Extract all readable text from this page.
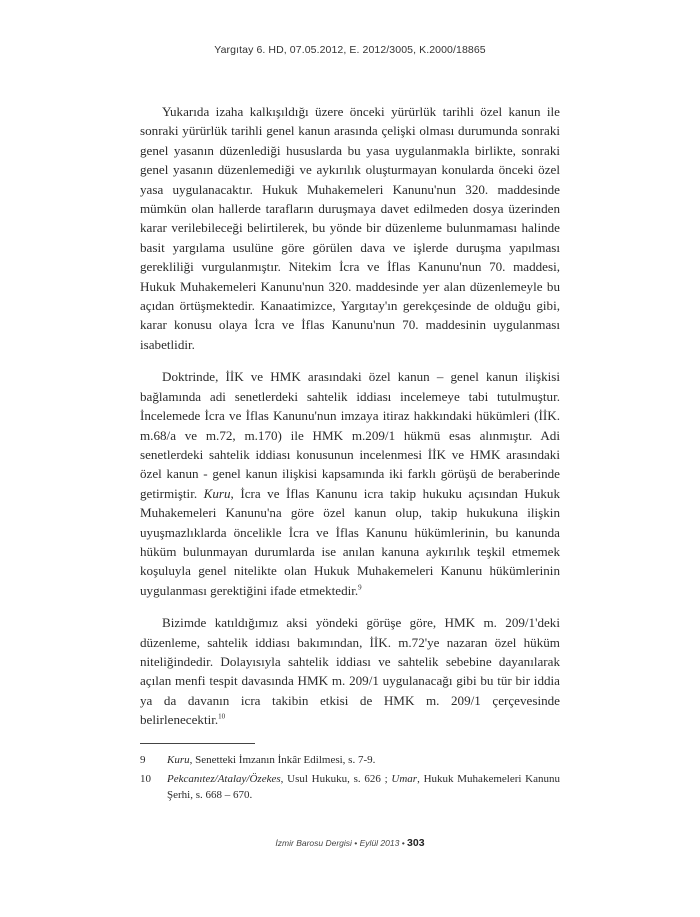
Yargıtay 6. HD, 07.05.2012, E. 2012/3005, K.2000/18865

Yukarıda izaha kalkışıldığı üzere önceki yürürlük tarihli özel kanun ile sonraki yürürlük tarihli genel kanun arasında çelişki olması durumunda sonraki genel yasanın düzenlediği hususlarda bu yasa uygulanmakla birlikte, sonraki genel yasanın düzenlemediği ve aykırılık oluşturmayan konularda önceki özel yasa uygulanacaktır. Hukuk Muhakemeleri Kanunu'nun 320. maddesinde mümkün olan hallerde tarafların duruşmaya davet edilmeden dosya üzerinden karar verilebileceği belirtilerek, bu yönde bir düzenleme bulunmaması halinde basit yargılama usulüne göre görülen dava ve işlerde duruşma yapılması gerekliliği vurgulanmıştır. Nitekim İcra ve İflas Kanunu'nun 70. maddesi, Hukuk Muhakemeleri Kanunu'nun 320. maddesinde yer alan düzenlemeyle bu açıdan örtüşmektedir. Kanaatimizce, Yargıtay'ın gerekçesinde de olduğu gibi, karar konusu olaya İcra ve İflas Kanunu'nun 70. maddesinin uygulanması isabetlidir.

Doktrinde, İİK ve HMK arasındaki özel kanun – genel kanun ilişkisi bağlamında adi senetlerdeki sahtelik iddiası incelemeye tabi tutulmuştur. İncelemede İcra ve İflas Kanunu'nun imzaya itiraz hakkındaki hükümleri (İİK. m.68/a ve m.72, m.170) ile HMK m.209/1 hükmü esas alınmıştır. Adi senetlerdeki sahtelik iddiası konusunun incelenmesi İİK ve HMK arasındaki özel kanun - genel kanun ilişkisi kapsamında iki farklı görüşü de beraberinde getirmiştir. Kuru, İcra ve İflas Kanunu icra takip hukuku açısından Hukuk Muhakemeleri Kanunu'na göre özel kanun olup, takip hukukuna ilişkin uyuşmazlıklarda öncelikle İcra ve İflas Kanunu hükümlerinin, bu kanunda hüküm bulunmayan durumlarda ise anılan kanuna aykırılık teşkil etmemek koşuluyla genel nitelikte olan Hukuk Muhakemeleri Kanunu hükümlerinin uygulanması gerektiğini ifade etmektedir.$^9$

Bizimde katıldığımız aksi yöndeki görüşe göre, HMK m. 209/1'deki düzenleme, sahtelik iddiası bakımından, İİK. m.72'ye nazaran özel hüküm niteliğindedir. Dolayısıyla sahtelik iddiası ve sahtelik sebebine dayanılarak açılan menfi tespit davasında HMK m. 209/1 uygulanacağı gibi bu tür bir iddia ya da davanın icra takibin etkisi de HMK m. 209/1 çerçevesinde belirlenecektir.$^{10}$

9	Kuru, Senetteki İmzanın İnkâr Edilmesi, s. 7-9.
10	Pekcanıtez/Atalay/Özekes, Usul Hukuku, s. 626 ; Umar, Hukuk Muhakemeleri Kanunu Şerhi, s. 668 – 670.
İzmir Barosu Dergisi • Eylül 2013 • 303
